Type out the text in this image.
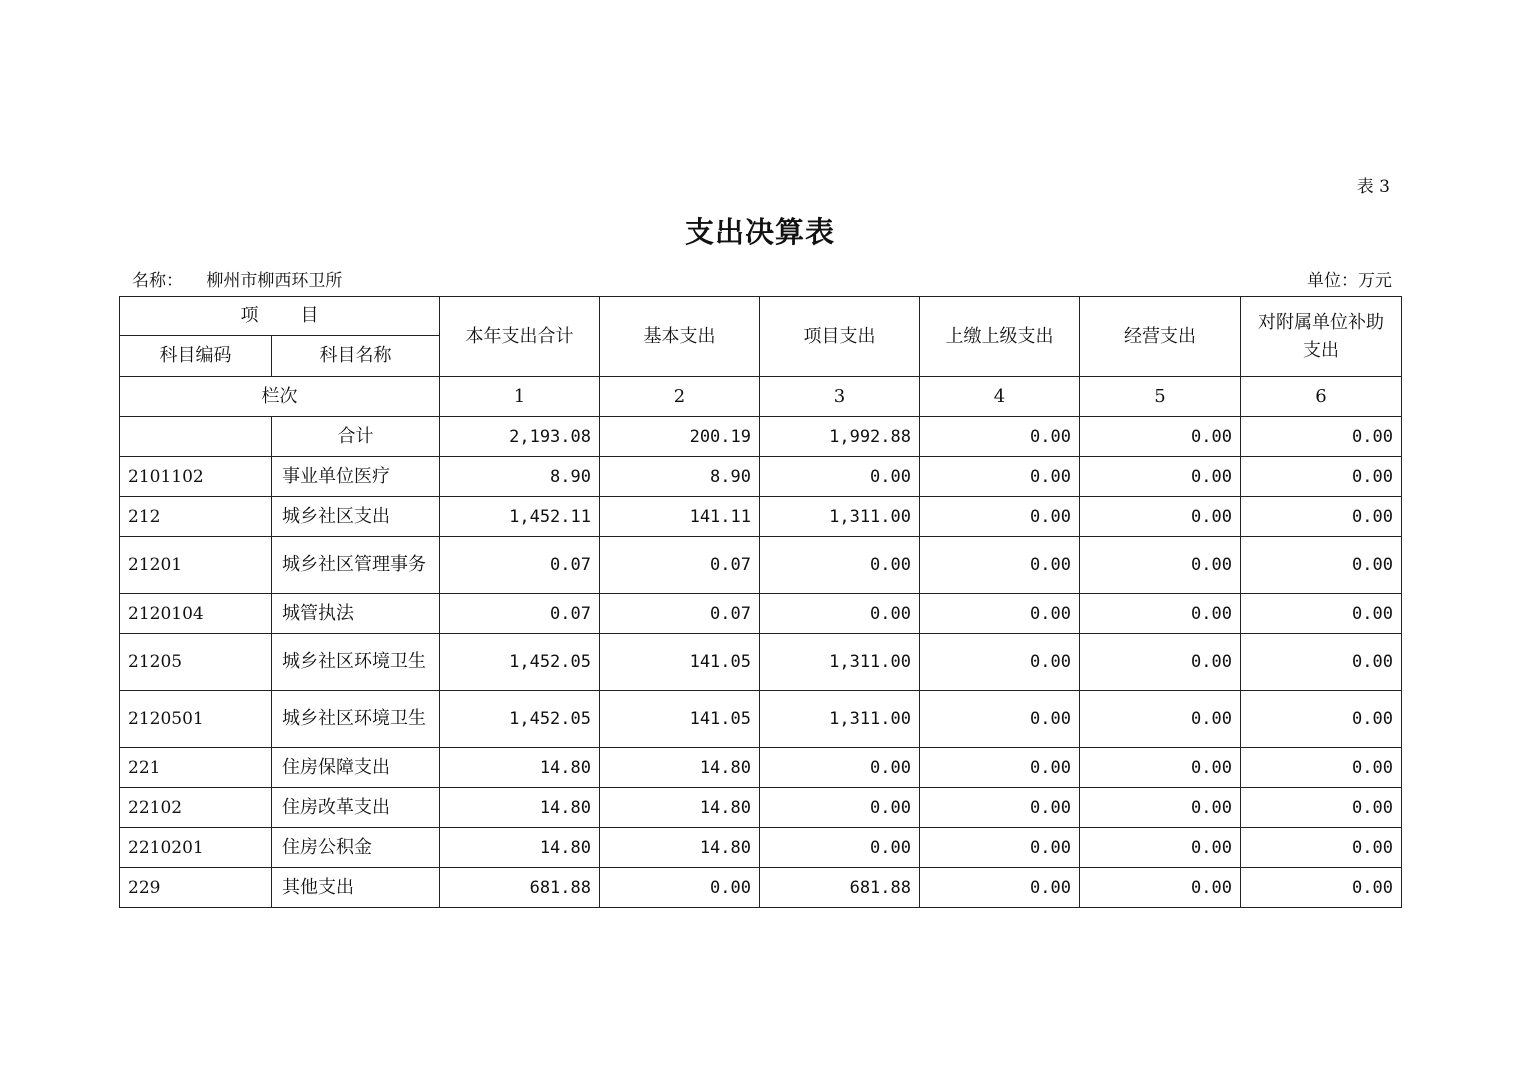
表 3
支出决算表
名称： 柳州市柳西环卫所	单位：万元
项 目		本年支出合计	基本支出	项目支出	上缴上级支出	经营支出	对附属单位补助支出
科目编码	科目名称						
栏次		1	2	3	4	5	6
	合计	2,193.08	200.19	1,992.88	0.00	0.00	0.00
2101102	事业单位医疗	8.90	8.90	0.00	0.00	0.00	0.00
212	城乡社区支出	1,452.11	141.11	1,311.00	0.00	0.00	0.00
21201	城乡社区管理事务	0.07	0.07	0.00	0.00	0.00	0.00
2120104	城管执法	0.07	0.07	0.00	0.00	0.00	0.00
21205	城乡社区环境卫生	1,452.05	141.05	1,311.00	0.00	0.00	0.00
2120501	城乡社区环境卫生	1,452.05	141.05	1,311.00	0.00	0.00	0.00
221	住房保障支出	14.80	14.80	0.00	0.00	0.00	0.00
22102	住房改革支出	14.80	14.80	0.00	0.00	0.00	0.00
2210201	住房公积金	14.80	14.80	0.00	0.00	0.00	0.00
229	其他支出	681.88	0.00	681.88	0.00	0.00	0.00
